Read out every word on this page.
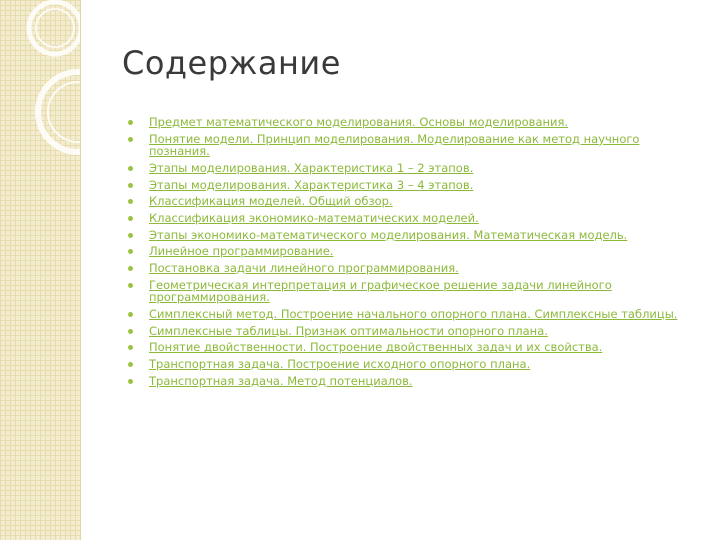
Содержание
Предмет математического моделирования. Основы моделирования.
Понятие модели. Принцип моделирования. Моделирование как метод научного познания.
Этапы моделирования. Характеристика 1 – 2 этапов.
Этапы моделирования. Характеристика 3 – 4 этапов.
Классификация моделей. Общий обзор.
Классификация экономико-математических моделей.
Этапы экономико-математического моделирования. Математическая модель.
Линейное программирование.
Постановка задачи линейного программирования.
Геометрическая интерпретация и графическое решение задачи линейного программирования.
Симплексный метод. Построение начального опорного плана. Симплексные таблицы.
Симплексные таблицы. Признак оптимальности опорного плана.
Понятие двойственности. Построение двойственных задач и их свойства.
Транспортная задача. Построение исходного опорного плана.
Транспортная задача. Метод потенциалов.
